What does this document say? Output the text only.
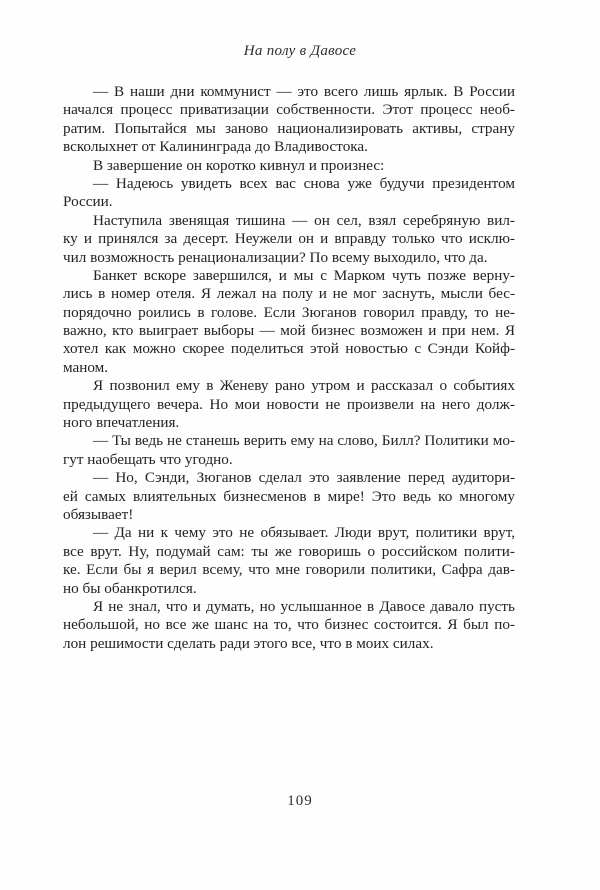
На полу в Давосе
— В наши дни коммунист — это всего лишь ярлык. В России
начался процесс приватизации собственности. Этот процесс необ-
ратим. Попытайся мы заново национализировать активы, страну
всколыхнет от Калининграда до Владивостока.
В завершение он коротко кивнул и произнес:
— Надеюсь увидеть всех вас снова уже будучи президентом
России.
Наступила звенящая тишина — он сел, взял серебряную вил-
ку и принялся за десерт. Неужели он и вправду только что исклю-
чил возможность ренационализации? По всему выходило, что да.
Банкет вскоре завершился, и мы с Марком чуть позже верну-
лись в номер отеля. Я лежал на полу и не мог заснуть, мысли бес-
порядочно роились в голове. Если Зюганов говорил правду, то не-
важно, кто выиграет выборы — мой бизнес возможен и при нем. Я
хотел как можно скорее поделиться этой новостью с Сэнди Койф-
маном.
Я позвонил ему в Женеву рано утром и рассказал о событиях
предыдущего вечера. Но мои новости не произвели на него долж-
ного впечатления.
— Ты ведь не станешь верить ему на слово, Билл? Политики мо-
гут наобещать что угодно.
— Но, Сэнди, Зюганов сделал это заявление перед аудитори-
ей самых влиятельных бизнесменов в мире! Это ведь ко многому
обязывает!
— Да ни к чему это не обязывает. Люди врут, политики врут,
все врут. Ну, подумай сам: ты же говоришь о российском полити-
ке. Если бы я верил всему, что мне говорили политики, Сафра дав-
но бы обанкротился.
Я не знал, что и думать, но услышанное в Давосе давало пусть
небольшой, но все же шанс на то, что бизнес состоится. Я был по-
лон решимости сделать ради этого все, что в моих силах.
109
